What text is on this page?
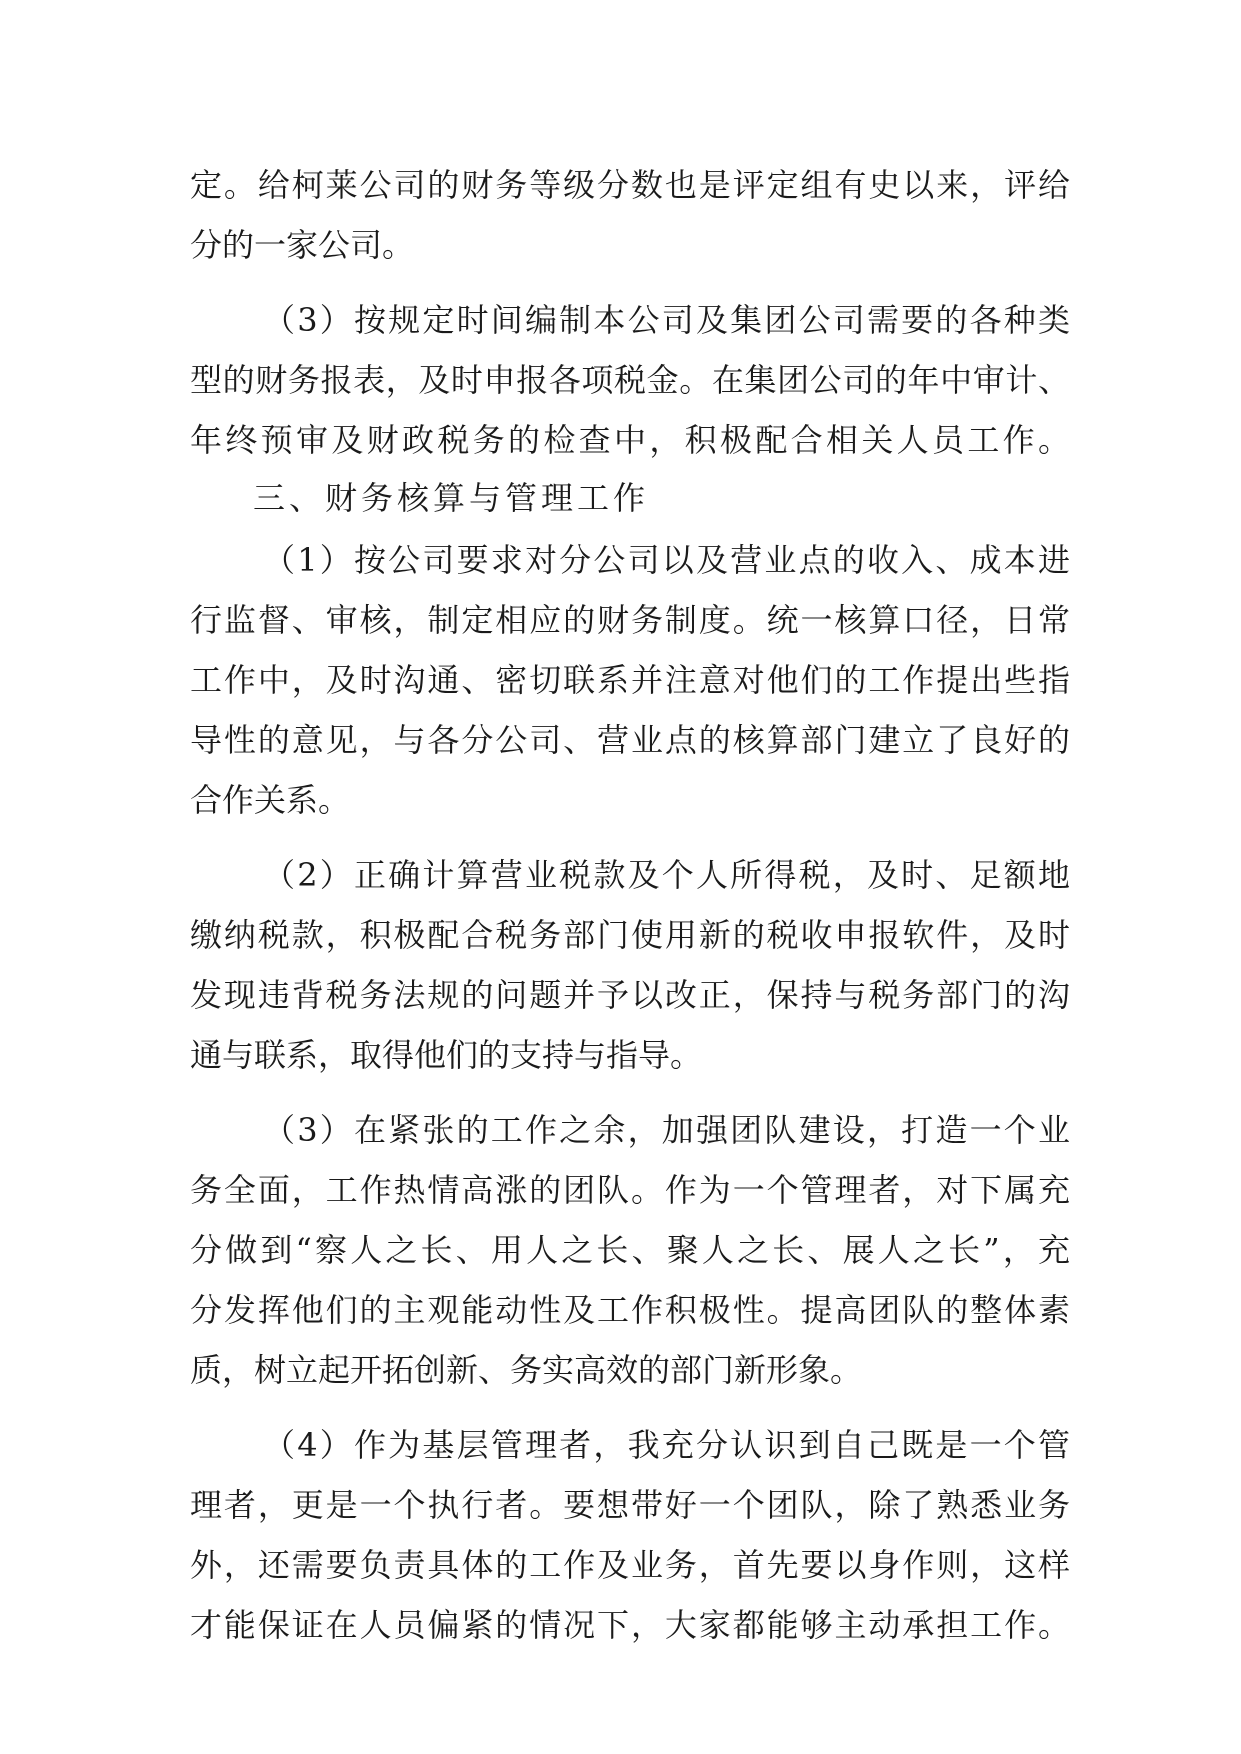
定。给柯莱公司的财务等级分数也是评定组有史以来，评给
分的一家公司。
（3）按规定时间编制本公司及集团公司需要的各种类
型的财务报表，及时申报各项税金。在集团公司的年中审计、
年终预审及财政税务的检查中，积极配合相关人员工作。
三、财务核算与管理工作
（1）按公司要求对分公司以及营业点的收入、成本进
行监督、审核，制定相应的财务制度。统一核算口径，日常
工作中，及时沟通、密切联系并注意对他们的工作提出些指
导性的意见，与各分公司、营业点的核算部门建立了良好的
合作关系。
（2）正确计算营业税款及个人所得税，及时、足额地
缴纳税款，积极配合税务部门使用新的税收申报软件，及时
发现违背税务法规的问题并予以改正，保持与税务部门的沟
通与联系，取得他们的支持与指导。
（3）在紧张的工作之余，加强团队建设，打造一个业
务全面，工作热情高涨的团队。作为一个管理者，对下属充
分做到“察人之长、用人之长、聚人之长、展人之长”，充
分发挥他们的主观能动性及工作积极性。提高团队的整体素
质，树立起开拓创新、务实高效的部门新形象。
（4）作为基层管理者，我充分认识到自己既是一个管
理者，更是一个执行者。要想带好一个团队，除了熟悉业务
外，还需要负责具体的工作及业务，首先要以身作则，这样
才能保证在人员偏紧的情况下，大家都能够主动承担工作。
